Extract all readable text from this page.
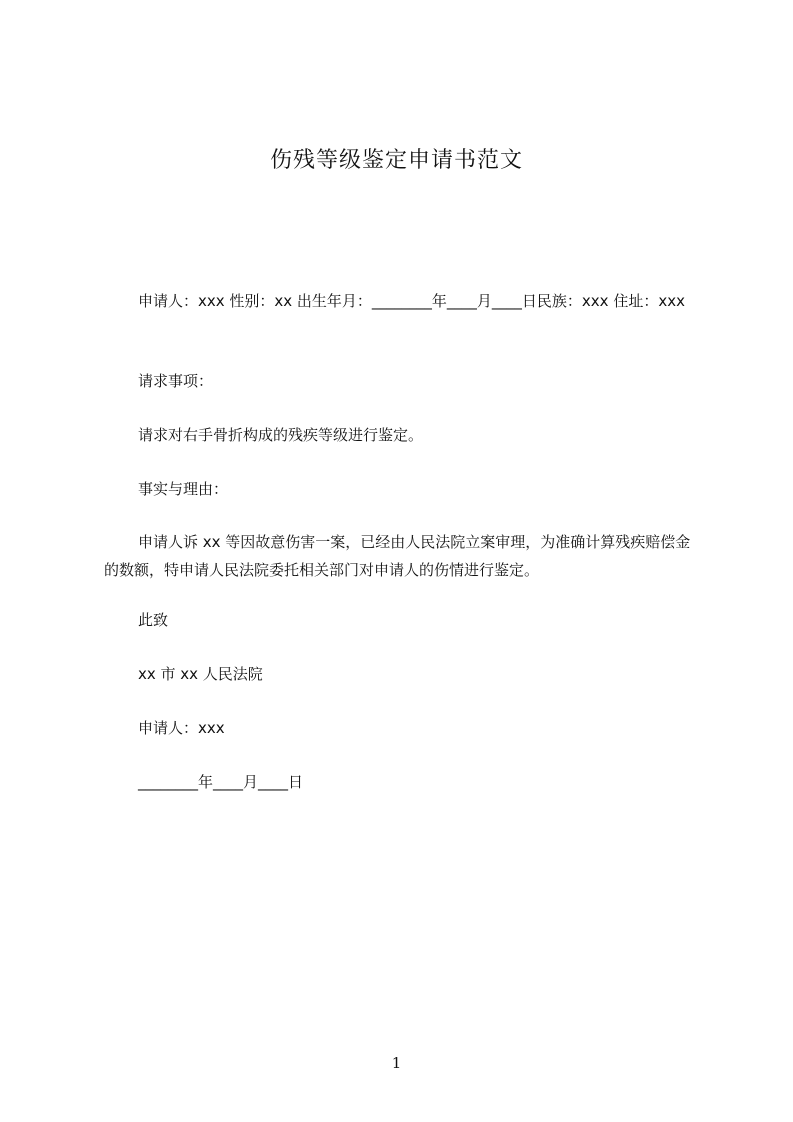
伤残等级鉴定申请书范文
申请人：xxx 性别：xx 出生年月：________年____月____日民族：xxx 住址：xxx
请求事项：
请求对右手骨折构成的残疾等级进行鉴定。
事实与理由：
申请人诉 xx 等因故意伤害一案，已经由人民法院立案审理，为准确计算残疾赔偿金的数额，特申请人民法院委托相关部门对申请人的伤情进行鉴定。
此致
xx 市 xx 人民法院
申请人：xxx
________年____月____日
1
